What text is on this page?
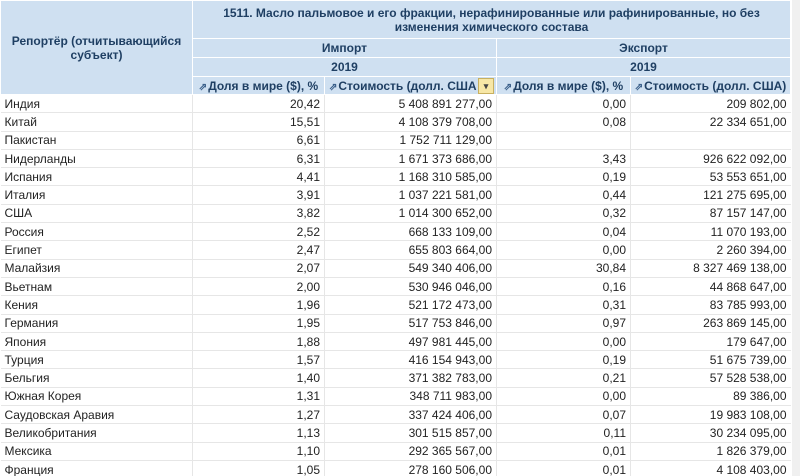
Репортёр (отчитывающийся субъект)	1511. Масло пальмовое и его фракции, нерафинированные или рафинированные, но без изменения химического состава			
	Импорт		Экспорт	
	2019		2019	
	⇗Доля в мире ($), %	⇗Стоимость (долл. США ▾	⇗Доля в мире ($), %	⇗Стоимость (долл. США)
Индия	20,42	5 408 891 277,00	0,00	209 802,00
Китай	15,51	4 108 379 708,00	0,08	22 334 651,00
Пакистан	6,61	1 752 711 129,00		
Нидерланды	6,31	1 671 373 686,00	3,43	926 622 092,00
Испания	4,41	1 168 310 585,00	0,19	53 553 651,00
Италия	3,91	1 037 221 581,00	0,44	121 275 695,00
США	3,82	1 014 300 652,00	0,32	87 157 147,00
Россия	2,52	668 133 109,00	0,04	11 070 193,00
Египет	2,47	655 803 664,00	0,00	2 260 394,00
Малайзия	2,07	549 340 406,00	30,84	8 327 469 138,00
Вьетнам	2,00	530 946 046,00	0,16	44 868 647,00
Кения	1,96	521 172 473,00	0,31	83 785 993,00
Германия	1,95	517 753 846,00	0,97	263 869 145,00
Япония	1,88	497 981 445,00	0,00	179 647,00
Турция	1,57	416 154 943,00	0,19	51 675 739,00
Бельгия	1,40	371 382 783,00	0,21	57 528 538,00
Южная Корея	1,31	348 711 983,00	0,00	89 386,00
Саудовская Аравия	1,27	337 424 406,00	0,07	19 983 108,00
Великобритания	1,13	301 515 857,00	0,11	30 234 095,00
Мексика	1,10	292 365 567,00	0,01	1 826 379,00
Франция	1,05	278 160 506,00	0,01	4 108 403,00
